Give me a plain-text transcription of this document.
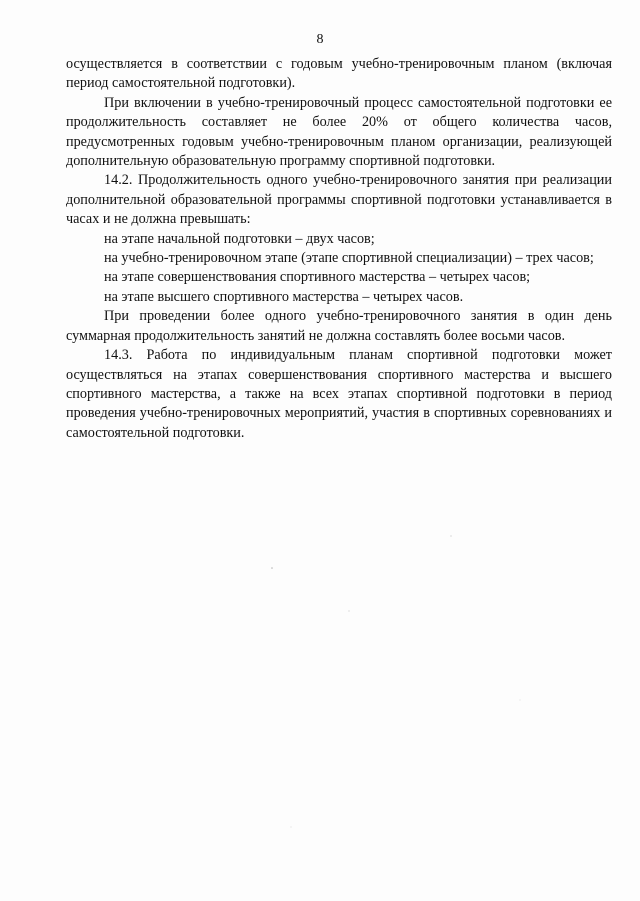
8

осуществляется в соответствии с годовым учебно-тренировочным планом (включая период самостоятельной подготовки).

При включении в учебно-тренировочный процесс самостоятельной подготовки ее продолжительность составляет не более 20% от общего количества часов, предусмотренных годовым учебно-тренировочным планом организации, реализующей дополнительную образовательную программу спортивной подготовки.

14.2. Продолжительность одного учебно-тренировочного занятия при реализации дополнительной образовательной программы спортивной подготовки устанавливается в часах и не должна превышать:

на этапе начальной подготовки – двух часов;

на учебно-тренировочном этапе (этапе спортивной специализации) – трех часов;

на этапе совершенствования спортивного мастерства – четырех часов;

на этапе высшего спортивного мастерства – четырех часов.

При проведении более одного учебно-тренировочного занятия в один день суммарная продолжительность занятий не должна составлять более восьми часов.

14.3. Работа по индивидуальным планам спортивной подготовки может осуществляться на этапах совершенствования спортивного мастерства и высшего спортивного мастерства, а также на всех этапах спортивной подготовки в период проведения учебно-тренировочных мероприятий, участия в спортивных соревнованиях и самостоятельной подготовки.
